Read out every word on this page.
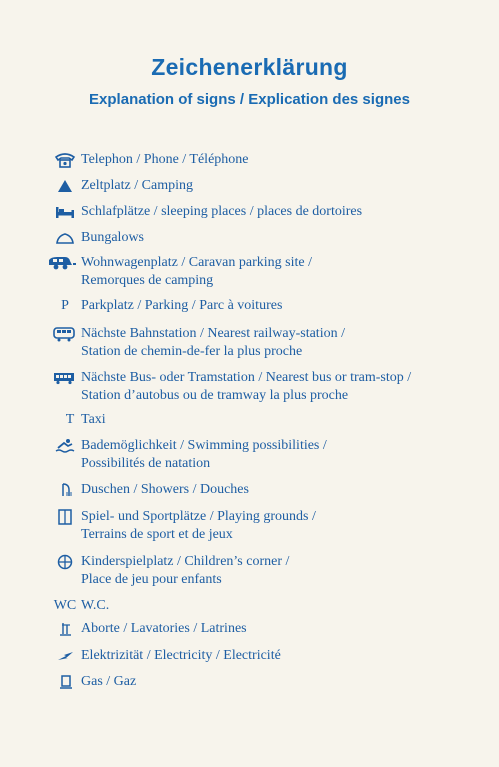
Zeichenerklärung
Explanation of signs / Explication des signes
Telephon / Phone / Téléphone
Zeltplatz / Camping
Schlafplätze / sleeping places / places de dortoires
Bungalows
Wohnwagenplatz / Caravan parking site /
Remorques de camping
P Parkplatz / Parking / Parc à voitures
Nächste Bahnstation / Nearest railway-station /
Station de chemin-de-fer la plus proche
Nächste Bus- oder Tramstation / Nearest bus or tram-stop /
Station d’autobus ou de tramway la plus proche
T Taxi
Bademöglichkeit / Swimming possibilities /
Possibilités de natation
Duschen / Showers / Douches
Spiel- und Sportplätze / Playing grounds /
Terrains de sport et de jeux
Kinderspielplatz / Children’s corner /
Place de jeu pour enfants
WC W.C.
Aborte / Lavatories / Latrines
Elektrizität / Electricity / Electricité
Gas / Gaz
